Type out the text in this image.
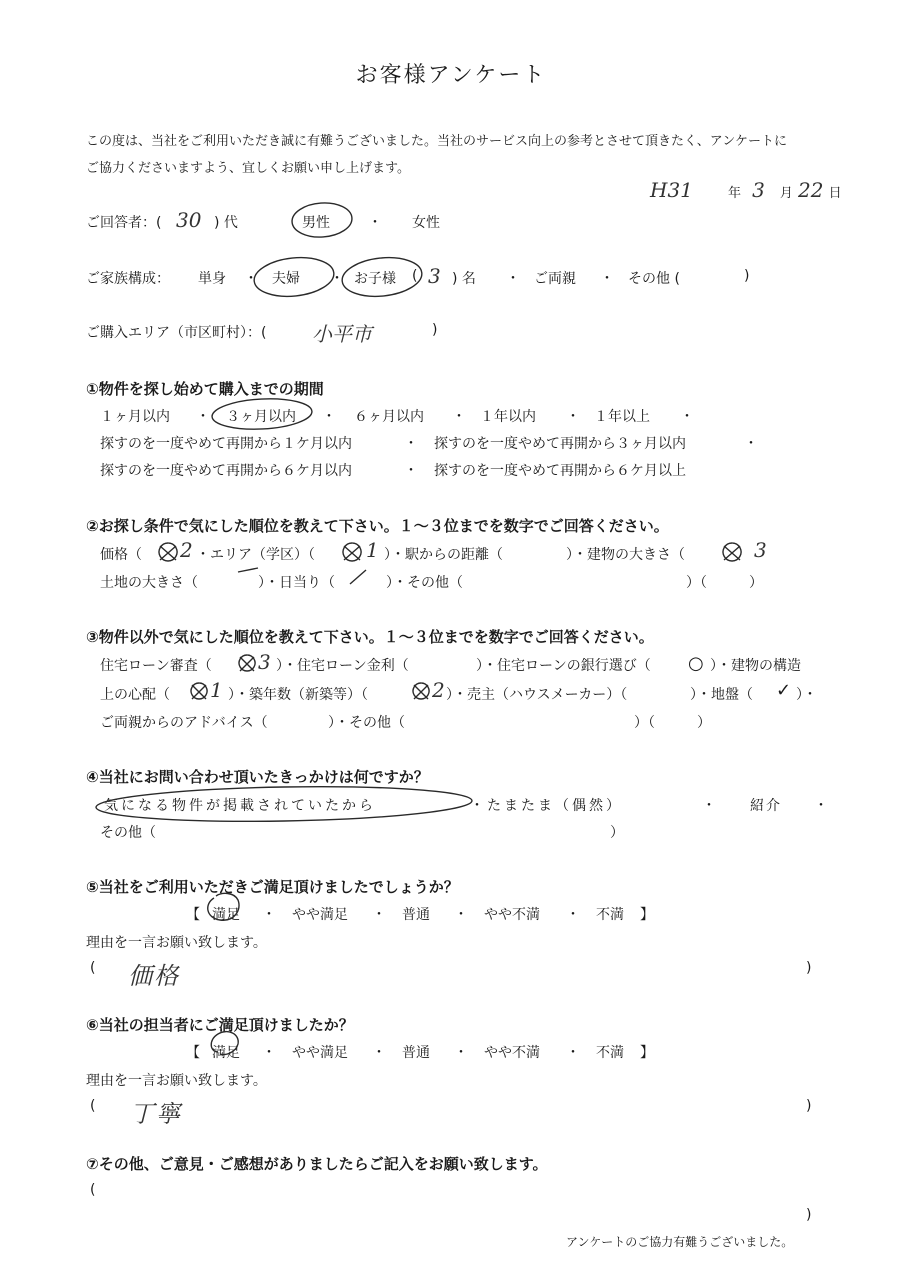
お客様アンケート
この度は、当社をご利用いただき誠に有難うございました。当社のサービス向上の参考とさせて頂きたく、アンケートに
ご協力くださいますよう、宜しくお願い申し上げます。
H31	年 3 月 22 日
ご回答者：( 30 ) 代	男性	・ 女性
ご家族構成： 単身 ・ 夫婦 ・ お子様 ( 3 ) 名 ・ ご両親 ・ その他 (	)
ご購入エリア（市区町村）：( 小平市	)
①物件を探し始めて購入までの期間
１ヶ月以内 ・ ３ヶ月以内 ・ ６ヶ月以内 ・ １年以内 ・ １年以上 ・
探すのを一度やめて再開から１ケ月以内	・ 探すのを一度やめて再開から３ヶ月以内	・
探すのを一度やめて再開から６ケ月以内	・ 探すのを一度やめて再開から６ケ月以上
②お探し条件で気にした順位を教えて下さい。１～３位までを数字でご回答ください。
価格（ 2 ・エリア（学区）（	1 ）・駅からの距離（	）・建物の大きさ（	3
土地の大きさ（	）・日当り（	）・その他（	）（　　　）
③物件以外で気にした順位を教えて下さい。１～３位までを数字でご回答ください。
住宅ローン審査（ 3 ）・住宅ローン金利（	）・住宅ローンの銀行選び（ ○ ）・建物の構造
上の心配（ 1 ）・築年数（新築等）（	2 ）・売主（ハウスメーカー）（	）・地盤（ ✓ ）・
ご両親からのアドバイス（	）・その他（	）（　　　）
④当社にお問い合わせ頂いたきっかけは何ですか？
気になる物件が掲載されていたから	・たまたま（偶然）	・　　紹介　　・
その他（	）
⑤当社をご利用いただきご満足頂けましたでしょうか？
【 満足 ・ やや満足 ・ 普通 ・ やや不満 ・ 不満 】
理由を一言お願い致します。
( 価格	)
⑥当社の担当者にご満足頂けましたか？
【 満足 ・ やや満足 ・ 普通 ・ やや不満 ・ 不満 】
理由を一言お願い致します。
( 丁寧	)
⑦その他、ご意見・ご感想がありましたらご記入をお願い致します。
(
)
アンケートのご協力有難うございました。
